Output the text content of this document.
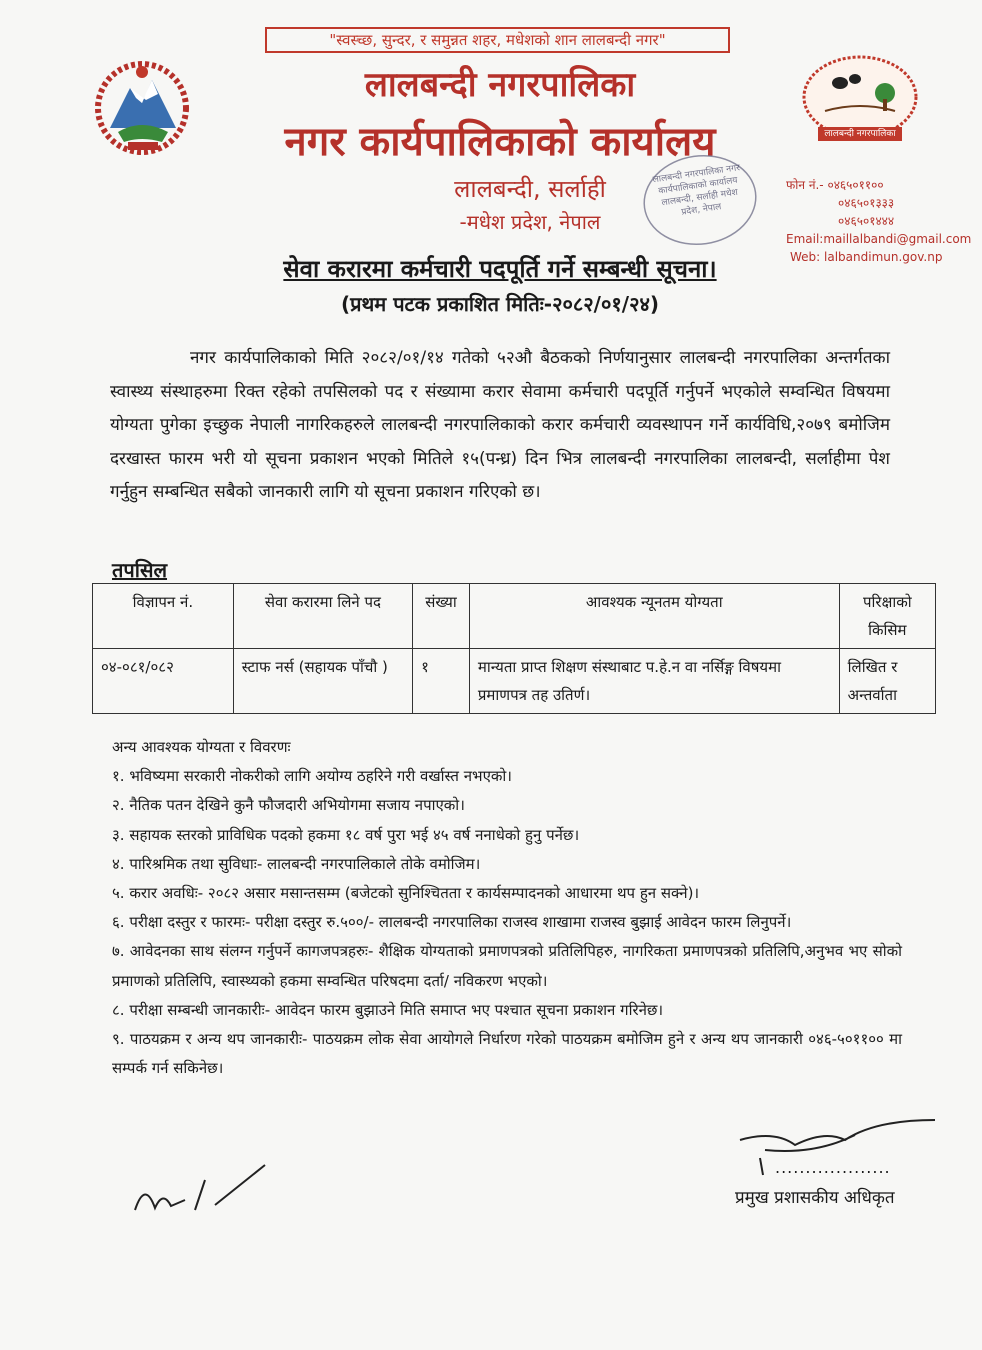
"स्वस्च्छ, सुन्दर, र समुन्नत शहर, मधेशको शान लालबन्दी नगर"
लालबन्दी नगरपालिका
नगर कार्यपालिकाको कार्यालय
लालबन्दी, सर्लाही
-मधेश प्रदेश, नेपाल
लालबन्दी नगरपालिका नगर कार्यपालिकाको कार्यालय लालबन्दी, सर्लाही मधेश प्रदेश, नेपाल
लालबन्दी नगरपालिका
फोन नं.- ०४६५०११००
०४६५०१३३३
०४६५०१४४४
Email:maillalbandi@gmail.com
Web: lalbandimun.gov.np
सेवा करारमा कर्मचारी पदपूर्ति गर्ने सम्बन्धी सूचना।
(प्रथम पटक प्रकाशित मितिः-२०८२/०१/२४)
नगर कार्यपालिकाको मिति २०८२/०१/१४ गतेको ५२औ बैठकको निर्णयानुसार लालबन्दी नगरपालिका अन्तर्गतका स्वास्थ्य संस्थाहरुमा रिक्त रहेको तपसिलको पद र संख्यामा करार सेवामा कर्मचारी पदपूर्ति गर्नुपर्ने भएकोले सम्वन्धित विषयमा योग्यता पुगेका इच्छुक नेपाली नागरिकहरुले लालबन्दी नगरपालिकाको करार कर्मचारी व्यवस्थापन गर्ने कार्यविधि,२०७९ बमोजिम दरखास्त फारम भरी यो सूचना प्रकाशन भएको मितिले १५(पन्ध्र) दिन भित्र लालबन्दी नगरपालिका लालबन्दी, सर्लाहीमा पेश गर्नुहुन सम्बन्धित सबैको जानकारी लागि यो सूचना प्रकाशन गरिएको छ।
तपसिल
विज्ञापन नं.	सेवा करारमा लिने पद	संख्या	आवश्यक न्यूनतम योग्यता	परिक्षाको किसिम
०४-०८१/०८२	स्टाफ नर्स (सहायक पाँचौ )	१	मान्यता प्राप्त शिक्षण संस्थाबाट प.हे.न वा नर्सिङ्ग विषयमा प्रमाणपत्र तह उतिर्ण।	लिखित र अन्तर्वाता
अन्य आवश्यक योग्यता र विवरणः
१. भविष्यमा सरकारी नोकरीको लागि अयोग्य ठहरिने गरी वर्खास्त नभएको।
२. नैतिक पतन देखिने कुनै फौजदारी अभियोगमा सजाय नपाएको।
३. सहायक स्तरको प्राविधिक पदको हकमा १८ वर्ष पुरा भई ४५ वर्ष ननाधेको हुनु पर्नेछ।
४. पारिश्रमिक तथा सुविधाः- लालबन्दी नगरपालिकाले तोके वमोजिम।
५. करार अवधिः- २०८२ असार मसान्तसम्म (बजेटको सुनिश्चितता र कार्यसम्पादनको आधारमा थप हुन सक्ने)।
६. परीक्षा दस्तुर र फारमः- परीक्षा दस्तुर रु.५००/- लालबन्दी नगरपालिका राजस्व शाखामा राजस्व बुझाई आवेदन फारम लिनुपर्ने।
७. आवेदनका साथ संलग्न गर्नुपर्ने कागजपत्रहरुः- शैक्षिक योग्यताको प्रमाणपत्रको प्रतिलिपिहरु, नागरिकता प्रमाणपत्रको प्रतिलिपि,अनुभव भए सोको प्रमाणको प्रतिलिपि, स्वास्थ्यको हकमा सम्वन्धित परिषदमा दर्ता/ नविकरण भएको।
८. परीक्षा सम्बन्धी जानकारीः- आवेदन फारम बुझाउने मिति समाप्त भए पश्चात सूचना प्रकाशन गरिनेछ।
९. पाठयक्रम र अन्य थप जानकारीः- पाठयक्रम लोक सेवा आयोगले निर्धारण गरेको पाठयक्रम बमोजिम हुने र अन्य थप जानकारी ०४६-५०११०० मा सम्पर्क गर्न सकिनेछ।
...................
प्रमुख प्रशासकीय अधिकृत
